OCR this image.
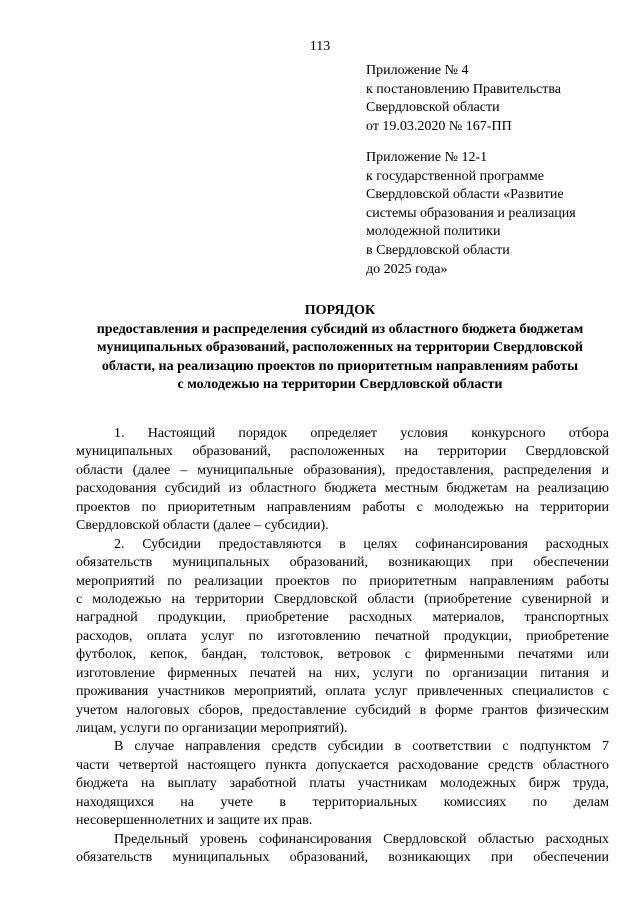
113
Приложение № 4
к постановлению Правительства
Свердловской области
от 19.03.2020 № 167-ПП
Приложение № 12-1
к государственной программе
Свердловской области «Развитие
системы образования и реализация
молодежной политики
в Свердловской области
до 2025 года»
ПОРЯДОК
предоставления и распределения субсидий из областного бюджета бюджетам
муниципальных образований, расположенных на территории Свердловской
области, на реализацию проектов по приоритетным направлениям работы
с молодежью на территории Свердловской области
1. Настоящий порядок определяет условия конкурсного отбора
муниципальных образований, расположенных на территории Свердловской
области (далее – муниципальные образования), предоставления, распределения и
расходования субсидий из областного бюджета местным бюджетам на реализацию
проектов по приоритетным направлениям работы с молодежью на территории
Свердловской области (далее – субсидии).
2. Субсидии предоставляются в целях софинансирования расходных
обязательств муниципальных образований, возникающих при обеспечении
мероприятий по реализации проектов по приоритетным направлениям работы
с молодежью на территории Свердловской области (приобретение сувенирной и
наградной продукции, приобретение расходных материалов, транспортных
расходов, оплата услуг по изготовлению печатной продукции, приобретение
футболок, кепок, бандан, толстовок, ветровок с фирменными печатями или
изготовление фирменных печатей на них, услуги по организации питания и
проживания участников мероприятий, оплата услуг привлеченных специалистов с
учетом налоговых сборов, предоставление субсидий в форме грантов физическим
лицам, услуги по организации мероприятий).
В случае направления средств субсидии в соответствии с подпунктом 7
части четвертой настоящего пункта допускается расходование средств областного
бюджета на выплату заработной платы участникам молодежных бирж труда,
находящихся на учете в территориальных комиссиях по делам
несовершеннолетних и защите их прав.
Предельный уровень софинансирования Свердловской областью расходных
обязательств муниципальных образований, возникающих при обеспечении
